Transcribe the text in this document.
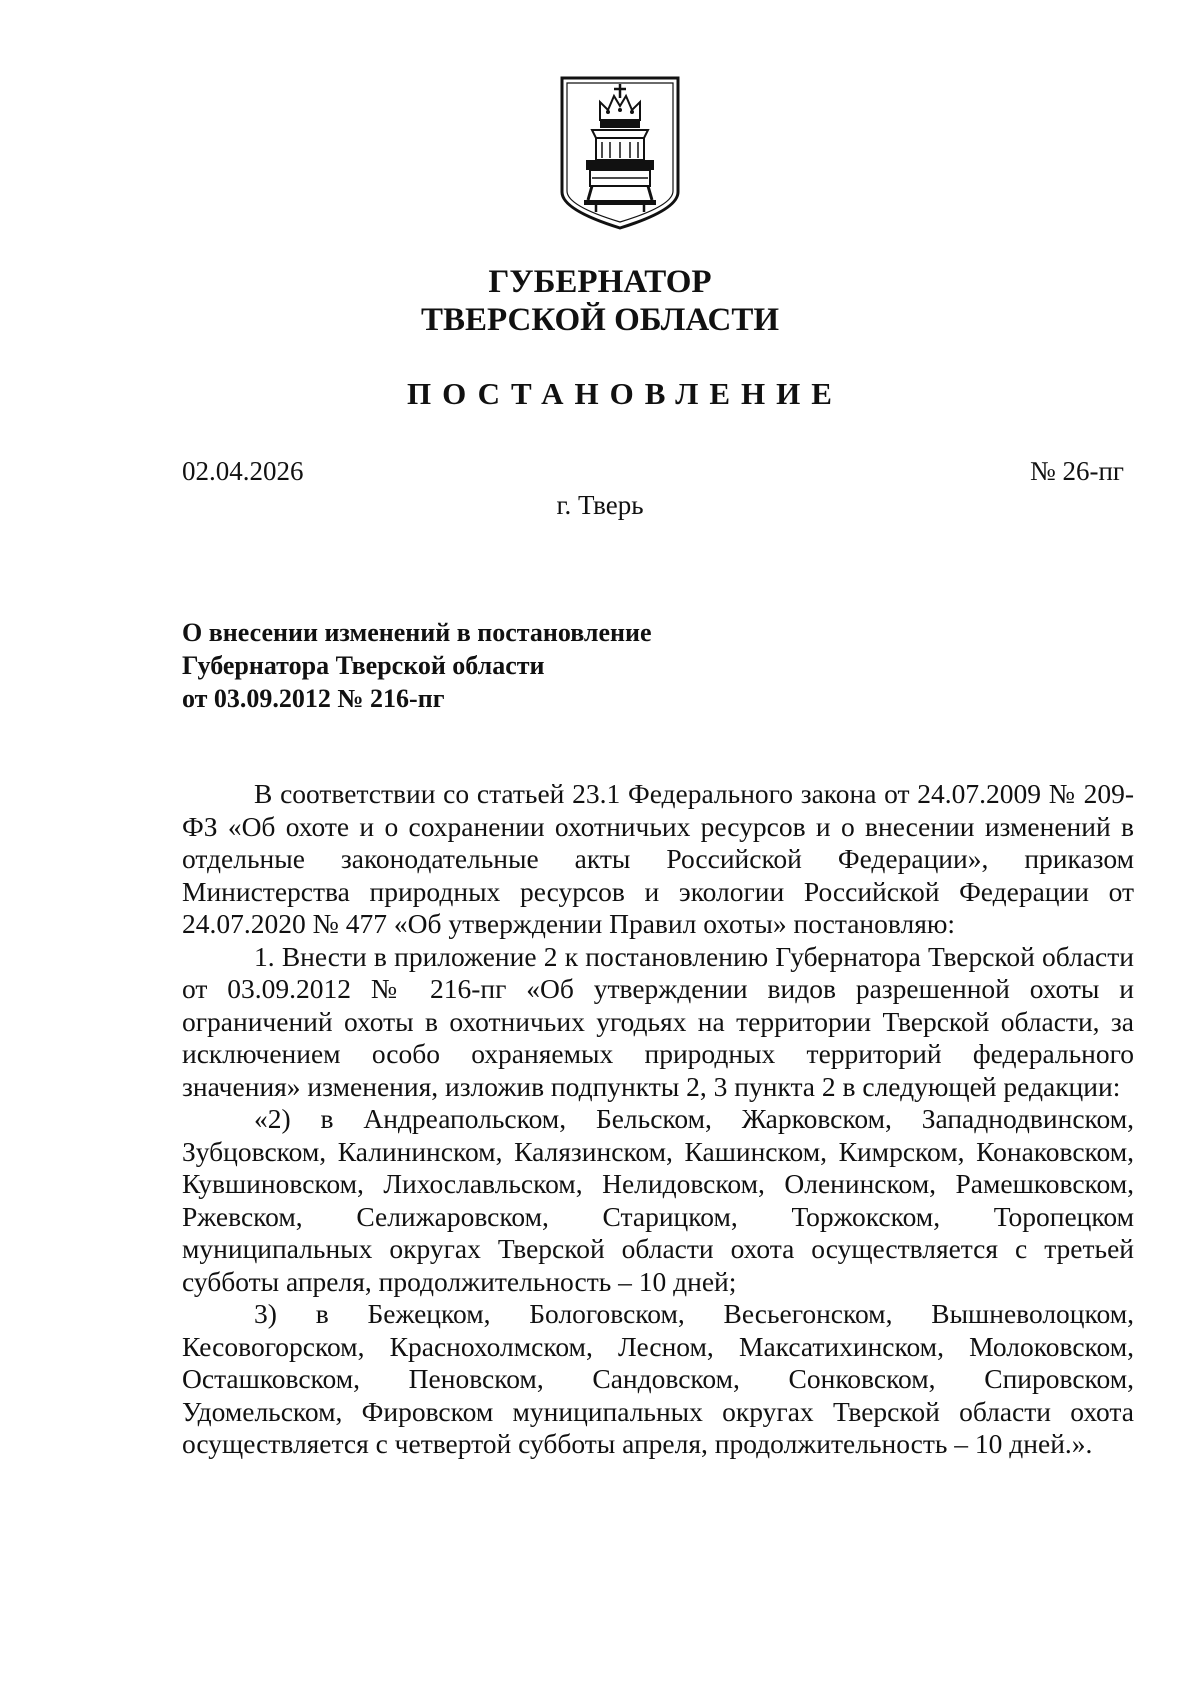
ГУБЕРНАТОР
ТВЕРСКОЙ ОБЛАСТИ
ПОСТАНОВЛЕНИЕ
02.04.2026	№ 26-пг
г. Тверь
О внесении изменений в постановление
Губернатора Тверской области
от 03.09.2012 № 216-пг

В соответствии со статьей 23.1 Федерального закона от 24.07.2009 № 209-ФЗ «Об охоте и о сохранении охотничьих ресурсов и о внесении изменений в отдельные законодательные акты Российской Федерации», приказом Министерства природных ресурсов и экологии Российской Федерации от 24.07.2020 № 477 «Об утверждении Правил охоты» постановляю:

1. Внести в приложение 2 к постановлению Губернатора Тверской области от 03.09.2012 № 216-пг «Об утверждении видов разрешенной охоты и ограничений охоты в охотничьих угодьях на территории Тверской области, за исключением особо охраняемых природных территорий федерального значения» изменения, изложив подпункты 2, 3 пункта 2 в следующей редакции:

«2) в Андреапольском, Бельском, Жарковском, Западнодвинском, Зубцовском, Калининском, Калязинском, Кашинском, Кимрском, Конаковском, Кувшиновском, Лихославльском, Нелидовском, Оленинском, Рамешковском, Ржевском, Селижаровском, Старицком, Торжокском, Торопецком муниципальных округах Тверской области охота осуществляется с третьей субботы апреля, продолжительность – 10 дней;

3) в Бежецком, Бологовском, Весьегонском, Вышневолоцком, Кесовогорском, Краснохолмском, Лесном, Максатихинском, Молоковском, Осташковском, Пеновском, Сандовском, Сонковском, Спировском, Удомельском, Фировском муниципальных округах Тверской области охота осуществляется с четвертой субботы апреля, продолжительность – 10 дней.».
